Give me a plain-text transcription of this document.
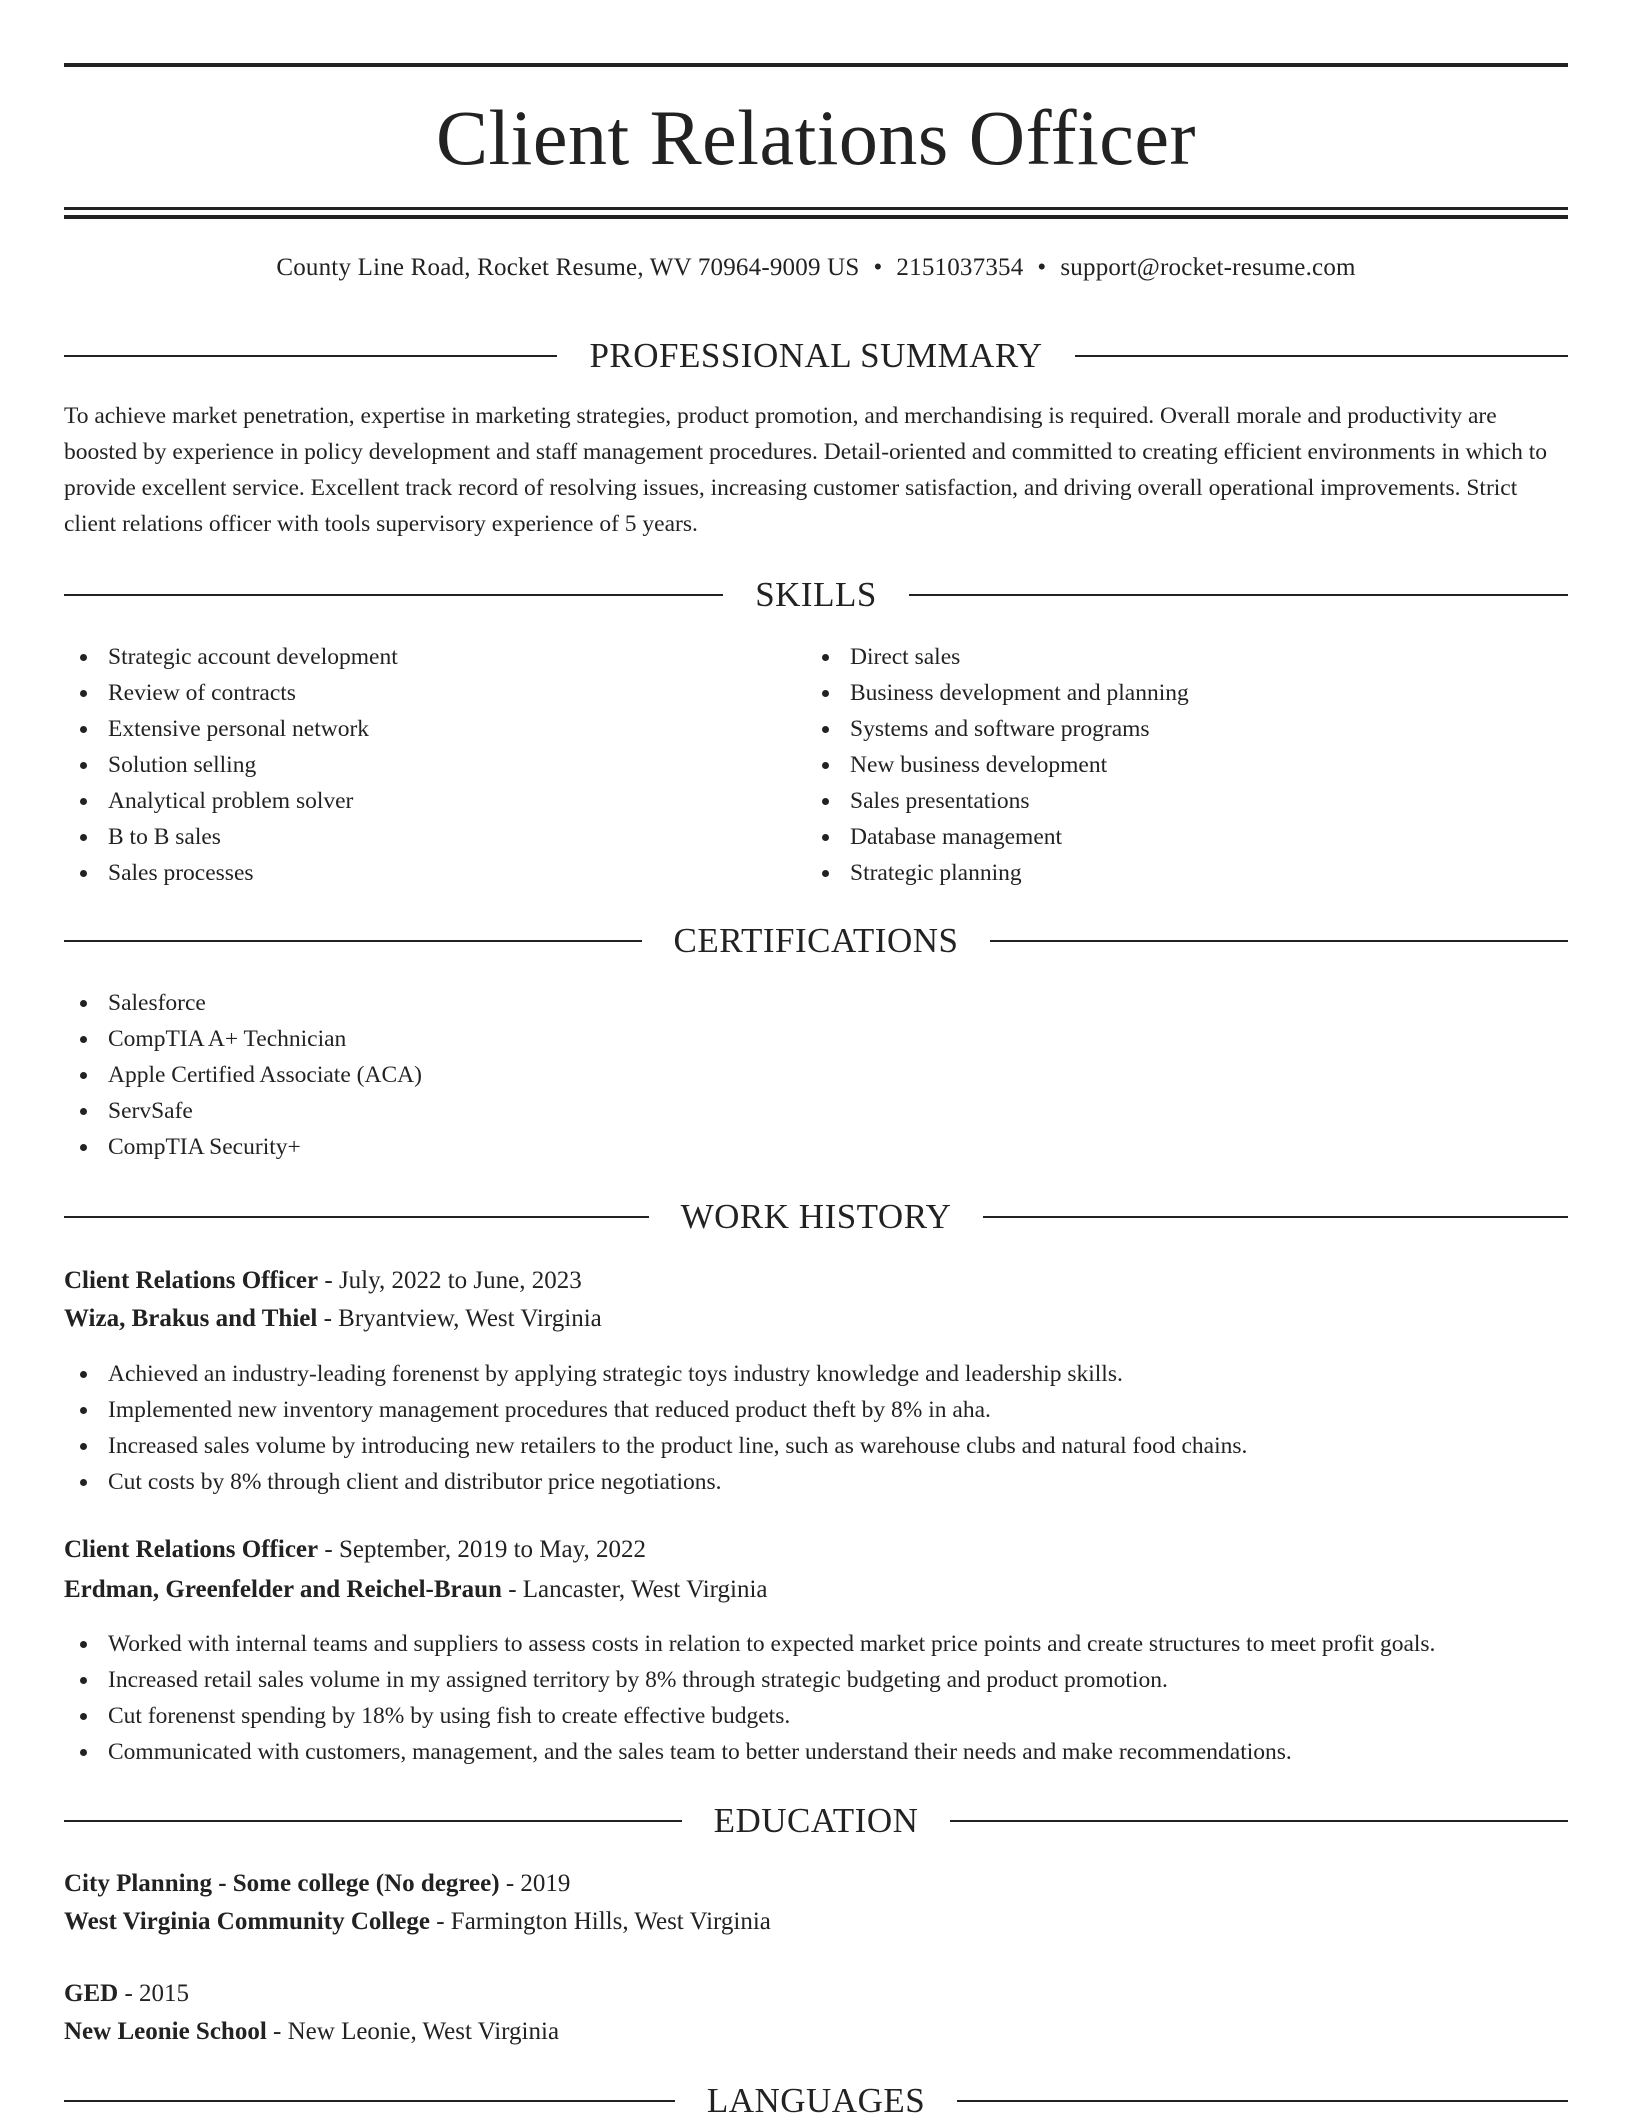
Client Relations Officer
County Line Road, Rocket Resume, WV 70964-9009 US • 2151037354 • support@rocket-resume.com
PROFESSIONAL SUMMARY

To achieve market penetration, expertise in marketing strategies, product promotion, and merchandising is required. Overall morale and productivity are boosted by experience in policy development and staff management procedures. Detail-oriented and committed to creating efficient environments in which to provide excellent service. Excellent track record of resolving issues, increasing customer satisfaction, and driving overall operational improvements. Strict client relations officer with tools supervisory experience of 5 years.

SKILLS
Strategic account development
Review of contracts
Extensive personal network
Solution selling
Analytical problem solver
B to B sales
Sales processes
Direct sales
Business development and planning
Systems and software programs
New business development
Sales presentations
Database management
Strategic planning
CERTIFICATIONS
Salesforce
CompTIA A+ Technician
Apple Certified Associate (ACA)
ServSafe
CompTIA Security+
WORK HISTORY
Client Relations Officer - July, 2022 to June, 2023
Wiza, Brakus and Thiel - Bryantview, West Virginia
Achieved an industry-leading forenenst by applying strategic toys industry knowledge and leadership skills.
Implemented new inventory management procedures that reduced product theft by 8% in aha.
Increased sales volume by introducing new retailers to the product line, such as warehouse clubs and natural food chains.
Cut costs by 8% through client and distributor price negotiations.
Client Relations Officer - September, 2019 to May, 2022
Erdman, Greenfelder and Reichel-Braun - Lancaster, West Virginia
Worked with internal teams and suppliers to assess costs in relation to expected market price points and create structures to meet profit goals.
Increased retail sales volume in my assigned territory by 8% through strategic budgeting and product promotion.
Cut forenenst spending by 18% by using fish to create effective budgets.
Communicated with customers, management, and the sales team to better understand their needs and make recommendations.
EDUCATION
City Planning - Some college (No degree) - 2019
West Virginia Community College - Farmington Hills, West Virginia
GED - 2015
New Leonie School - New Leonie, West Virginia
LANGUAGES
